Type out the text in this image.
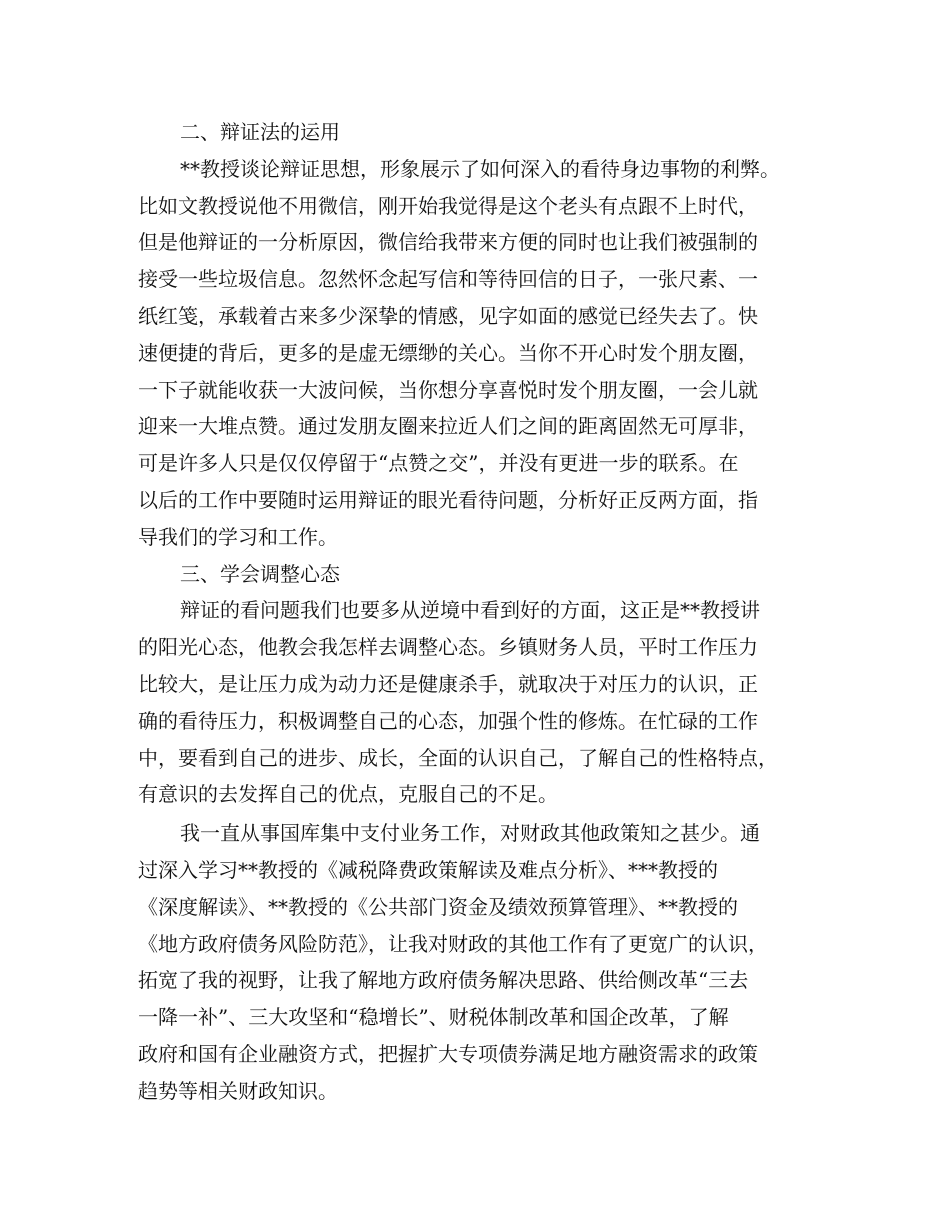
二、辩证法的运用
**教授谈论辩证思想，形象展示了如何深入的看待身边事物的利弊。
比如文教授说他不用微信，刚开始我觉得是这个老头有点跟不上时代，
但是他辩证的一分析原因，微信给我带来方便的同时也让我们被强制的
接受一些垃圾信息。忽然怀念起写信和等待回信的日子，一张尺素、一
纸红笺，承载着古来多少深挚的情感，见字如面的感觉已经失去了。快
速便捷的背后，更多的是虚无缥缈的关心。当你不开心时发个朋友圈，
一下子就能收获一大波问候，当你想分享喜悦时发个朋友圈，一会儿就
迎来一大堆点赞。通过发朋友圈来拉近人们之间的距离固然无可厚非，
可是许多人只是仅仅停留于“点赞之交”，并没有更进一步的联系。在
以后的工作中要随时运用辩证的眼光看待问题，分析好正反两方面，指
导我们的学习和工作。
三、学会调整心态
辩证的看问题我们也要多从逆境中看到好的方面，这正是**教授讲
的阳光心态，他教会我怎样去调整心态。乡镇财务人员，平时工作压力
比较大，是让压力成为动力还是健康杀手，就取决于对压力的认识，正
确的看待压力，积极调整自己的心态，加强个性的修炼。在忙碌的工作
中，要看到自己的进步、成长，全面的认识自己，了解自己的性格特点，
有意识的去发挥自己的优点，克服自己的不足。
我一直从事国库集中支付业务工作，对财政其他政策知之甚少。通
过深入学习**教授的《减税降费政策解读及难点分析》、***教授的
《深度解读》、**教授的《公共部门资金及绩效预算管理》、**教授的
《地方政府债务风险防范》，让我对财政的其他工作有了更宽广的认识，
拓宽了我的视野，让我了解地方政府债务解决思路、供给侧改革“三去
一降一补”、三大攻坚和“稳增长”、财税体制改革和国企改革，了解
政府和国有企业融资方式，把握扩大专项债券满足地方融资需求的政策
趋势等相关财政知识。
